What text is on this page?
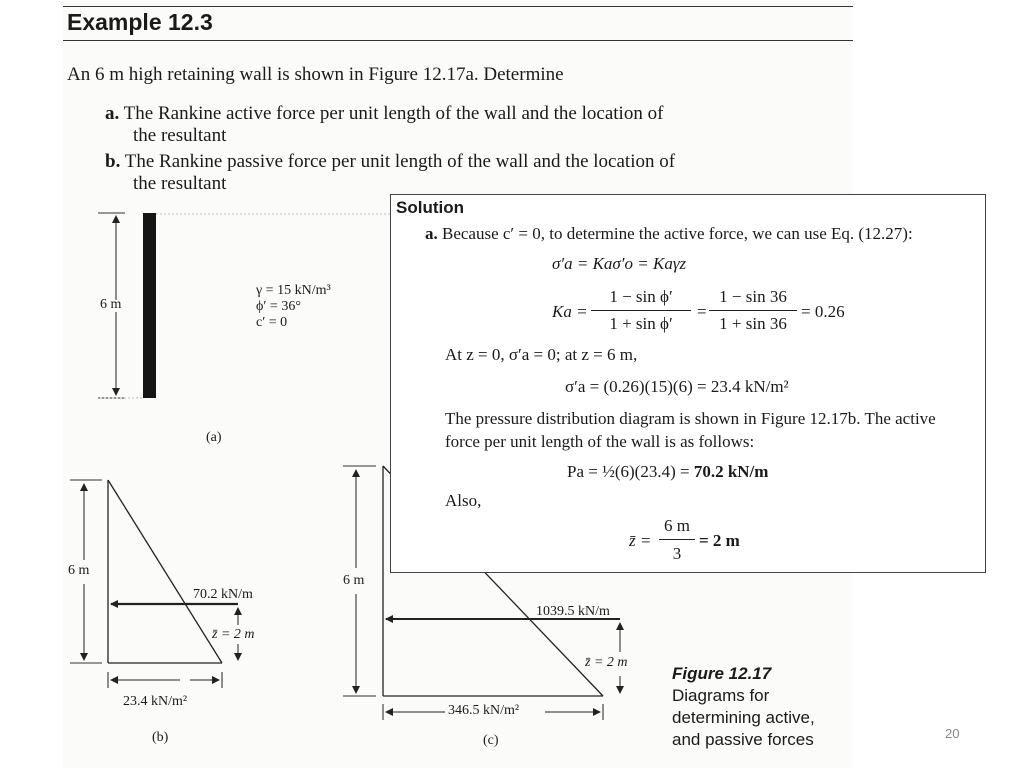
Example 12.3
An 6 m high retaining wall is shown in Figure 12.17a. Determine
a. The Rankine active force per unit length of the wall and the location of
the resultant
b. The Rankine passive force per unit length of the wall and the location of
the resultant
6 m
γ = 15 kN/m³
ϕ′ = 36°
c′ = 0
(a)
6 m
70.2 kN/m
z̄ = 2 m
23.4 kN/m²
(b)
6 m
1039.5 kN/m
z̄ = 2 m
346.5 kN/m²
(c)
Figure 12.17
Diagrams for
determining active,
and passive forces
Solution
a. Because c′ = 0, to determine the active force, we can use Eq. (12.27):
σ′a = Kaσ′o = Kaγz
Ka =
1 − sin ϕ′
1 + sin ϕ′
=
1 − sin 36
1 + sin 36
= 0.26
At z = 0, σ′a = 0; at z = 6 m,
σ′a = (0.26)(15)(6) = 23.4 kN/m²
The pressure distribution diagram is shown in Figure 12.17b. The active
force per unit length of the wall is as follows:
Pa = ½(6)(23.4) = 70.2 kN/m
Also,
z̄ =
6 m
3
= 2 m
20
